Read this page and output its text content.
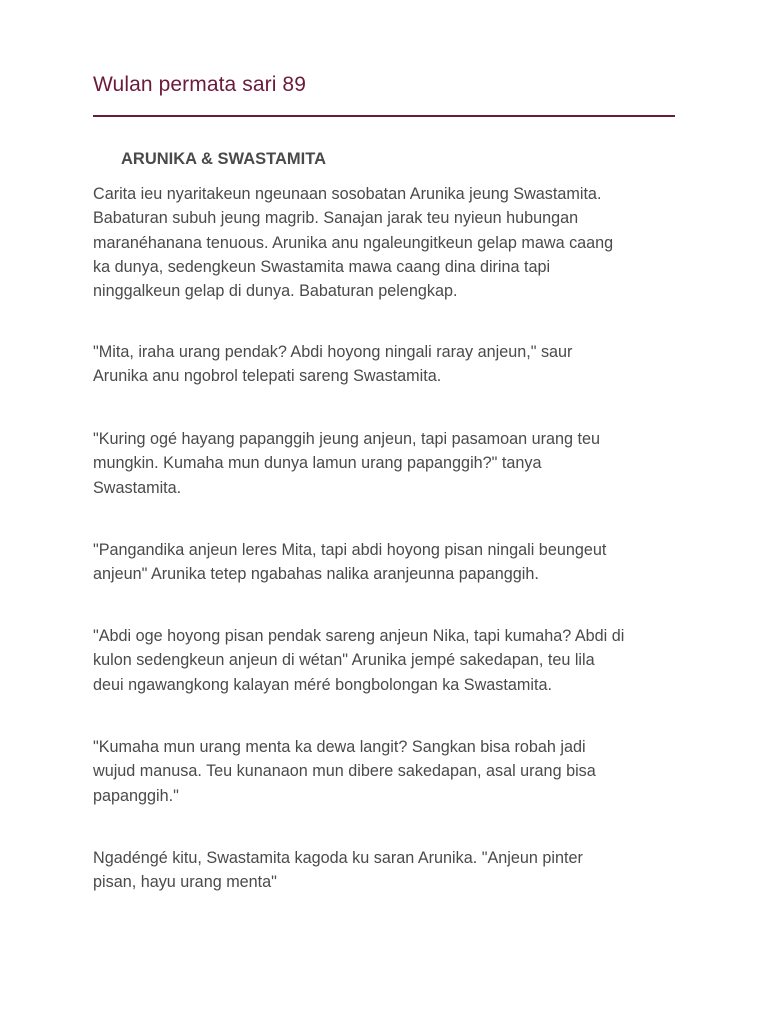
Wulan permata sari 89
ARUNIKA & SWASTAMITA

Carita ieu nyaritakeun ngeunaan sosobatan Arunika jeung Swastamita.
Babaturan subuh jeung magrib. Sanajan jarak teu nyieun hubungan
maranéhanana tenuous. Arunika anu ngaleungitkeun gelap mawa caang
ka dunya, sedengkeun Swastamita mawa caang dina dirina tapi
ninggalkeun gelap di dunya. Babaturan pelengkap.

"Mita, iraha urang pendak? Abdi hoyong ningali raray anjeun," saur
Arunika anu ngobrol telepati sareng Swastamita.

"Kuring ogé hayang papanggih jeung anjeun, tapi pasamoan urang teu
mungkin. Kumaha mun dunya lamun urang papanggih?" tanya
Swastamita.

"Pangandika anjeun leres Mita, tapi abdi hoyong pisan ningali beungeut
anjeun" Arunika tetep ngabahas nalika aranjeunna papanggih.

"Abdi oge hoyong pisan pendak sareng anjeun Nika, tapi kumaha? Abdi di
kulon sedengkeun anjeun di wétan" Arunika jempé sakedapan, teu lila
deui ngawangkong kalayan méré bongbolongan ka Swastamita.

"Kumaha mun urang menta ka dewa langit? Sangkan bisa robah jadi
wujud manusa. Teu kunanaon mun dibere sakedapan, asal urang bisa
papanggih."

Ngadéngé kitu, Swastamita kagoda ku saran Arunika. "Anjeun pinter
pisan, hayu urang menta"
